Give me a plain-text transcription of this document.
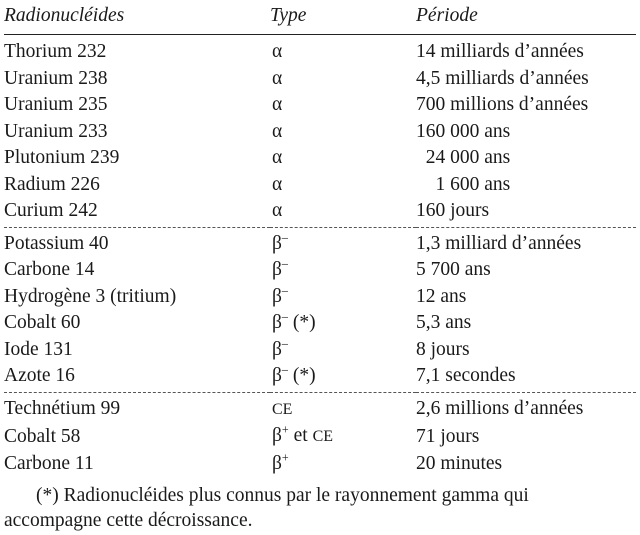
Radionucléides	Type	Période
Thorium 232	α	14 milliards d’années
Uranium 238	α	4,5 milliards d’années
Uranium 235	α	700 millions d’années
Uranium 233	α	160 000 ans
Plutonium 239	α	24 000 ans
Radium 226	α	1 600 ans
Curium 242	α	160 jours
Potassium 40	β–	1,3 milliard d’années
Carbone 14	β–	5 700 ans
Hydrogène 3 (tritium)	β–	12 ans
Cobalt 60	β– (*)	5,3 ans
Iode 131	β–	8 jours
Azote 16	β– (*)	7,1 secondes
Technétium 99	CE	2,6 millions d’années
Cobalt 58	β+ et CE	71 jours
Carbone 11	β+	20 minutes
(*) Radionucléides plus connus par le rayonnement gamma qui accompagne cette décroissance.
